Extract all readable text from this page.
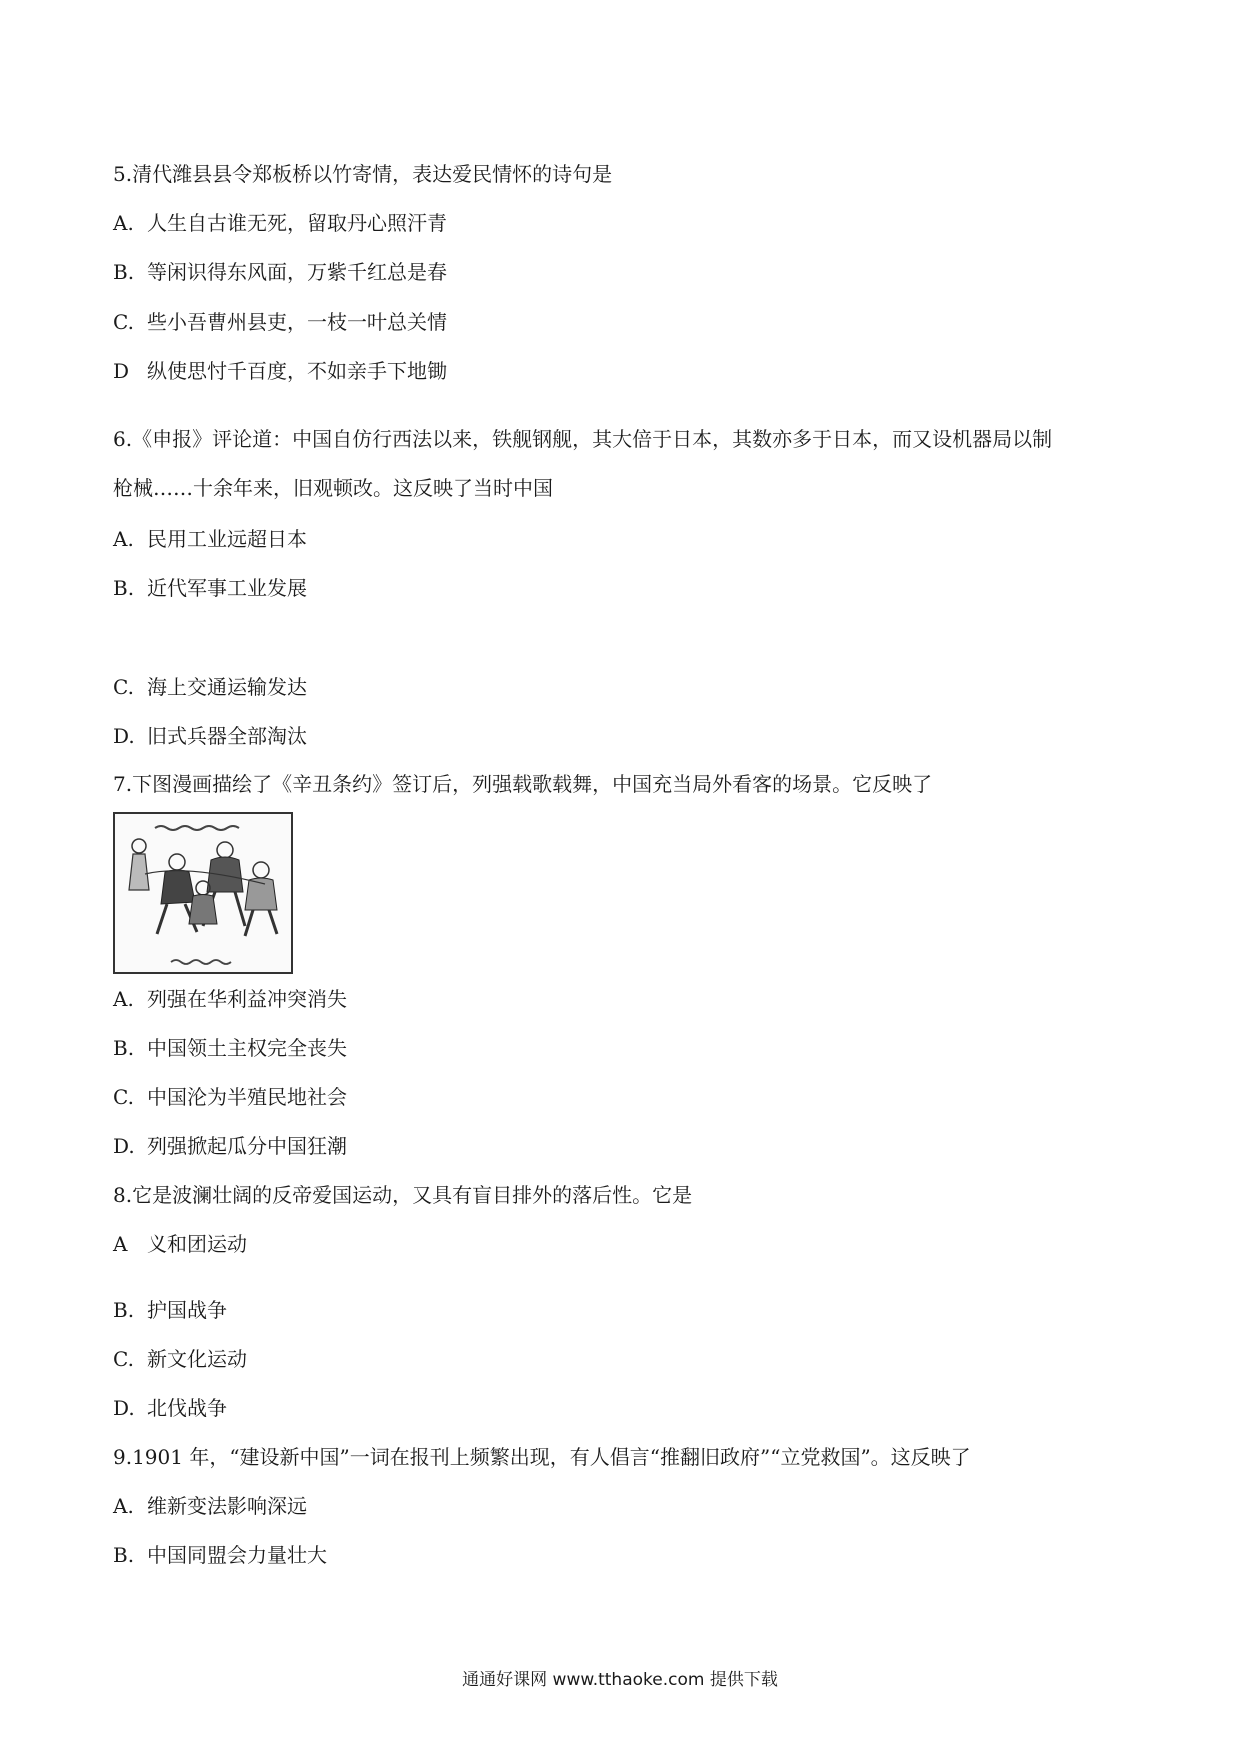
5.清代潍县县令郑板桥以竹寄情，表达爱民情怀的诗句是
A. 人生自古谁无死，留取丹心照汗青
B. 等闲识得东风面，万紫千红总是春
C. 些小吾曹州县吏，一枝一叶总关情
D 纵使思忖千百度，不如亲手下地锄
6.《申报》评论道：中国自仿行西法以来，铁舰钢舰，其大倍于日本，其数亦多于日本，而又设机器局以制
枪械……十余年来，旧观顿改。这反映了当时中国
A. 民用工业远超日本
B. 近代军事工业发展
C. 海上交通运输发达
D. 旧式兵器全部淘汰
7.下图漫画描绘了《辛丑条约》签订后，列强载歌载舞，中国充当局外看客的场景。它反映了
A. 列强在华利益冲突消失
B. 中国领土主权完全丧失
C. 中国沦为半殖民地社会
D. 列强掀起瓜分中国狂潮
8.它是波澜壮阔的反帝爱国运动，又具有盲目排外的落后性。它是
A 义和团运动
B. 护国战争
C. 新文化运动
D. 北伐战争
9.1901 年，“建设新中国”一词在报刊上频繁出现，有人倡言“推翻旧政府”“立党救国”。这反映了
A. 维新变法影响深远
B. 中国同盟会力量壮大
通通好课网 www.tthaoke.com 提供下载
